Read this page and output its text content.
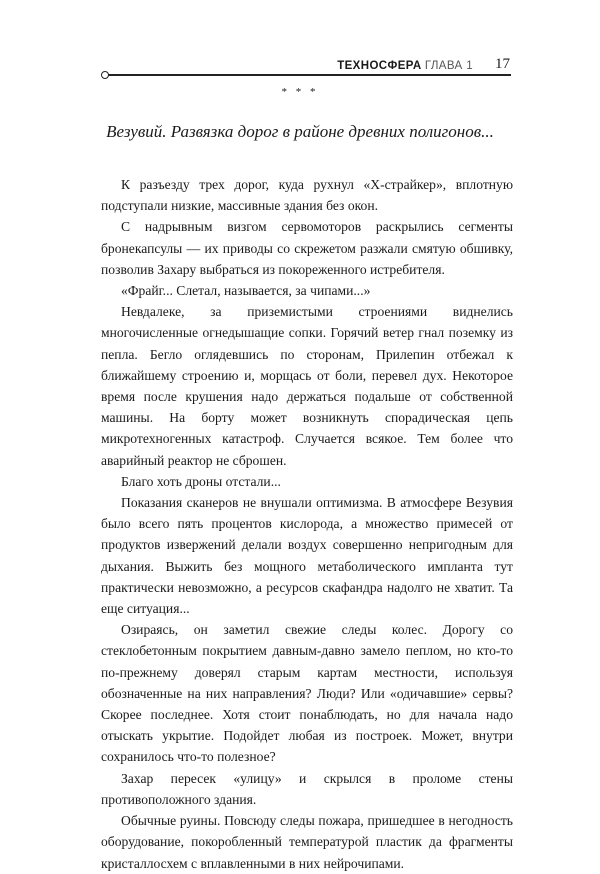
ТЕХНОСФЕРА ГЛАВА 1	17
* * *
Везувий. Развязка дорог в районе древних полигонов...

К разъезду трех дорог, куда рухнул «X-страйкер», вплотную подступали низкие, массивные здания без окон.

С надрывным визгом сервомоторов раскрылись сегменты бронекапсулы — их приводы со скрежетом разжали смятую обшивку, позволив Захару выбраться из покореженного истребителя.

«Фрайг... Слетал, называется, за чипами...»

Невдалеке, за приземистыми строениями виднелись многочисленные огнедышащие сопки. Горячий ветер гнал поземку из пепла. Бегло оглядевшись по сторонам, Прилепин отбежал к ближайшему строению и, морщась от боли, перевел дух. Некоторое время после крушения надо держаться подальше от собственной машины. На борту может возникнуть спорадическая цепь микротехногенных катастроф. Случается всякое. Тем более что аварийный реактор не сброшен.

Благо хоть дроны отстали...

Показания сканеров не внушали оптимизма. В атмосфере Везувия было всего пять процентов кислорода, а множество примесей от продуктов извержений делали воздух совершенно непригодным для дыхания. Выжить без мощного метаболического импланта тут практически невозможно, а ресурсов скафандра надолго не хватит. Та еще ситуация...

Озираясь, он заметил свежие следы колес. Дорогу со стеклобетонным покрытием давным-давно замело пеплом, но кто-то по-прежнему доверял старым картам местности, используя обозначенные на них направления? Люди? Или «одичавшие» сервы? Скорее последнее. Хотя стоит понаблюдать, но для начала надо отыскать укрытие. Подойдет любая из построек. Может, внутри сохранилось что-то полезное?

Захар пересек «улицу» и скрылся в проломе стены противоположного здания.

Обычные руины. Повсюду следы пожара, пришедшее в негодность оборудование, покоробленный температурой пластик да фрагменты кристаллосхем с вплавленными в них нейрочипами.
